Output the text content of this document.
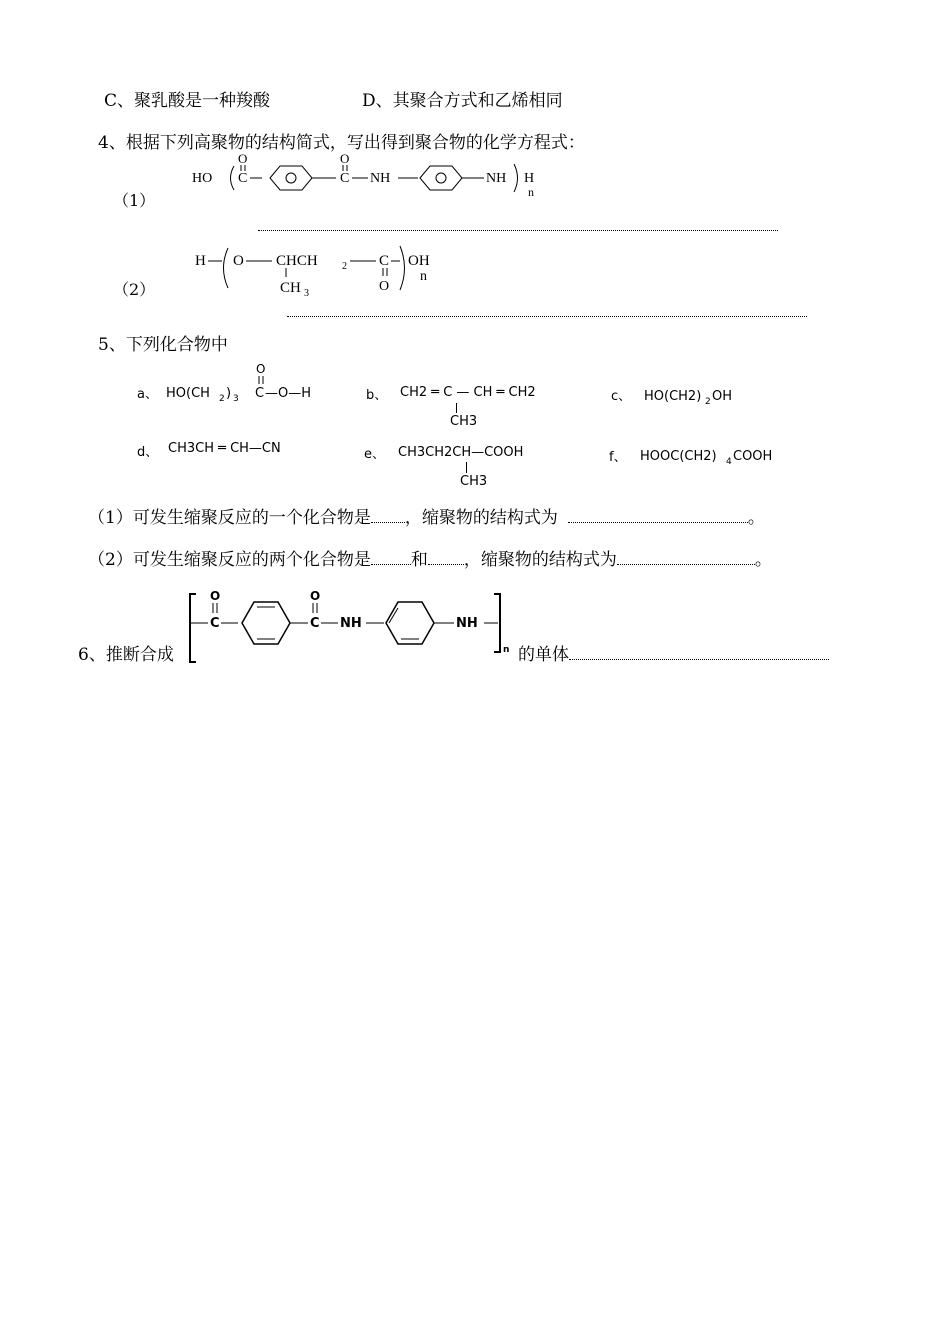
C、聚乳酸是一种羧酸	D、其聚合方式和乙烯相同
4、根据下列高聚物的结构简式，写出得到聚合物的化学方程式：
（1）
HO
O
C
O
C NH	NH H
n
（2）
H O CHCH 2
CH 3
C
O
OH
n
5、下列化合物中
a、 HO(CH 2 ) 3
O
C —O—H	b、 CH2 ═ C — CH ═ CH2
CH3
c、 HO(CH2) 2 OH
d、 CH3CH ═ CH—CN	e、 CH3CH2CH—COOH
CH3
f、 HOOC(CH2) 4 COOH
（1）可发生缩聚反应的一个化合物是 ，缩聚物的结构式为	。
（2）可发生缩聚反应的两个化合物是 和 ，缩聚物的结构式为	。
6、推断合成
O
C
O
C NH	NH
n 的单体
